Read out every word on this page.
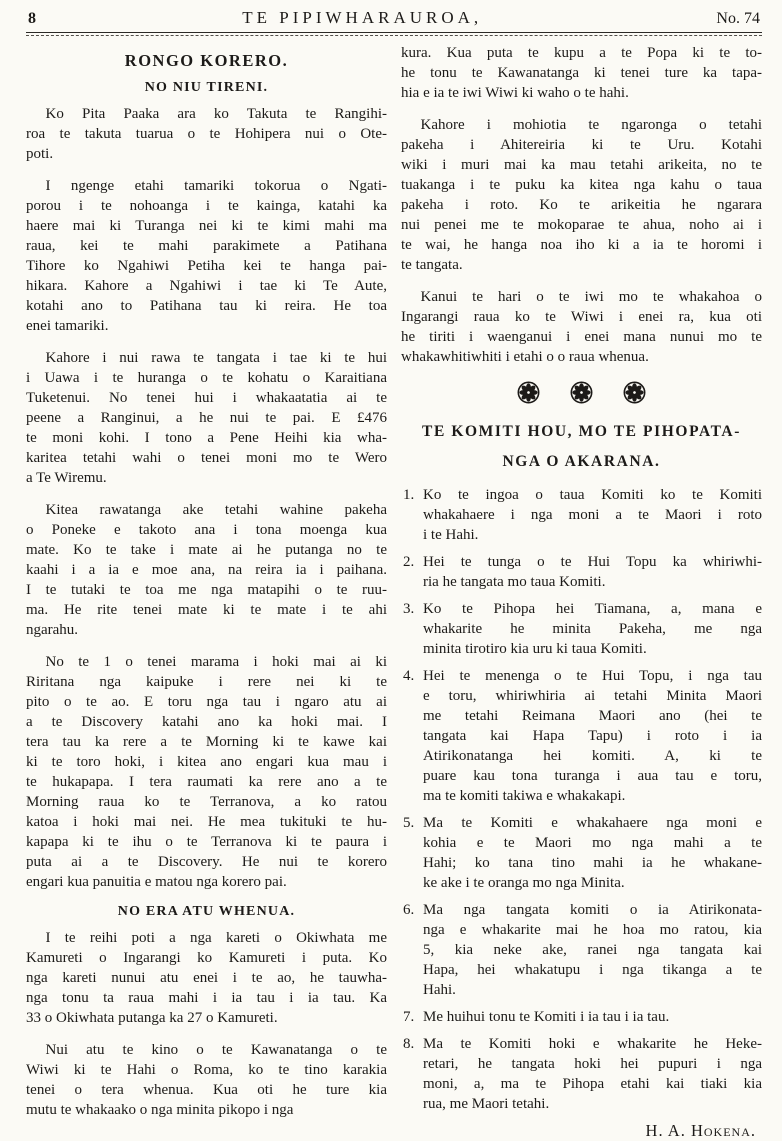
8	TE PIPIWHARAUROA,	No. 74
RONGO KORERO.
NO NIU TIRENI.
Ko Pita Paaka ara ko Takuta te Rangihi-
roa te takuta tuarua o te Hohipera nui o Ote-
poti.
I ngenge etahi tamariki tokorua o Ngati-
porou i te nohoanga i te kainga, katahi ka
haere mai ki Turanga nei ki te kimi mahi ma
raua, kei te mahi parakimete a Patihana
Tihore ko Ngahiwi Petiha kei te hanga pai-
hikara. Kahore a Ngahiwi i tae ki Te Aute,
kotahi ano to Patihana tau ki reira. He toa
enei tamariki.
Kahore i nui rawa te tangata i tae ki te hui
i Uawa i te huranga o te kohatu o Karaitiana
Tuketenui. No tenei hui i whakaatatia ai te
peene a Ranginui, a he nui te pai. E £476
te moni kohi. I tono a Pene Heihi kia wha-
karitea tetahi wahi o tenei moni mo te Wero
a Te Wiremu.
Kitea rawatanga ake tetahi wahine pakeha
o Poneke e takoto ana i tona moenga kua
mate. Ko te take i mate ai he putanga no te
kaahi i a ia e moe ana, na reira ia i paihana.
I te tutaki te toa me nga matapihi o te ruu-
ma. He rite tenei mate ki te mate i te ahi
ngarahu.
No te 1 o tenei marama i hoki mai ai ki
Riritana nga kaipuke i rere nei ki te
pito o te ao. E toru nga tau i ngaro atu ai
a te Discovery katahi ano ka hoki mai. I
tera tau ka rere a te Morning ki te kawe kai
ki te toro hoki, i kitea ano engari kua mau i
te hukapapa. I tera raumati ka rere ano a te
Morning raua ko te Terranova, a ko ratou
katoa i hoki mai nei. He mea tukituki te hu-
kapapa ki te ihu o te Terranova ki te paura i
puta ai a te Discovery. He nui te korero
engari kua panuitia e matou nga korero pai.
NO ERA ATU WHENUA.
I te reihi poti a nga kareti o Okiwhata me
Kamureti o Ingarangi ko Kamureti i puta. Ko
nga kareti nunui atu enei i te ao, he tauwha-
nga tonu ta raua mahi i ia tau i ia tau. Ka
33 o Okiwhata putanga ka 27 o Kamureti.
Nui atu te kino o te Kawanatanga o te
Wiwi ki te Hahi o Roma, ko te tino karakia
tenei o tera whenua. Kua oti he ture kia
mutu te whakaako o nga minita pikopo i nga
kura. Kua puta te kupu a te Popa ki te to-
he tonu te Kawanatanga ki tenei ture ka tapa-
hia e ia te iwi Wiwi ki waho o te hahi.
Kahore i mohiotia te ngaronga o tetahi
pakeha i Ahitereiria ki te Uru. Kotahi
wiki i muri mai ka mau tetahi arikeita, no te
tuakanga i te puku ka kitea nga kahu o taua
pakeha i roto. Ko te arikeitia he ngarara
nui penei me te mokoparae te ahua, noho ai i
te wai, he hanga noa iho ki a ia te horomi i
te tangata.
Kanui te hari o te iwi mo te whakahoa o
Ingarangi raua ko te Wiwi i enei ra, kua oti
he tiriti i waenganui i enei mana nunui mo te
whakawhitiwhiti i etahi o o raua whenua.
TE KOMITI HOU, MO TE PIHOPATA-
NGA O AKARANA.
1. Ko te ingoa o taua Komiti ko te Komiti
whakahaere i nga moni a te Maori i roto
i te Hahi.
2. Hei te tunga o te Hui Topu ka whiriwhi-
ria he tangata mo taua Komiti.
3. Ko te Pihopa hei Tiamana, a, mana e
whakarite he minita Pakeha, me nga
minita tirotiro kia uru ki taua Komiti.
4. Hei te menenga o te Hui Topu, i nga tau
e toru, whiriwhiria ai tetahi Minita Maori
me tetahi Reimana Maori ano (hei te
tangata kai Hapa Tapu) i roto i ia
Atirikonatanga hei komiti. A, ki te
puare kau tona turanga i aua tau e toru,
ma te komiti takiwa e whakakapi.
5. Ma te Komiti e whakahaere nga moni e
kohia e te Maori mo nga mahi a te
Hahi; ko tana tino mahi ia he whakane-
ke ake i te oranga mo nga Minita.
6. Ma nga tangata komiti o ia Atirikonata-
nga e whakarite mai he hoa mo ratou, kia
5, kia neke ake, ranei nga tangata kai
Hapa, hei whakatupu i nga tikanga a te
Hahi.
7. Me huihui tonu te Komiti i ia tau i ia tau.
8. Ma te Komiti hoki e whakarite he Heke-
retari, he tangata hoki hei pupuri i nga
moni, a, ma te Pihopa etahi kai tiaki kia
rua, me Maori tetahi.
H. A. Hokena.
